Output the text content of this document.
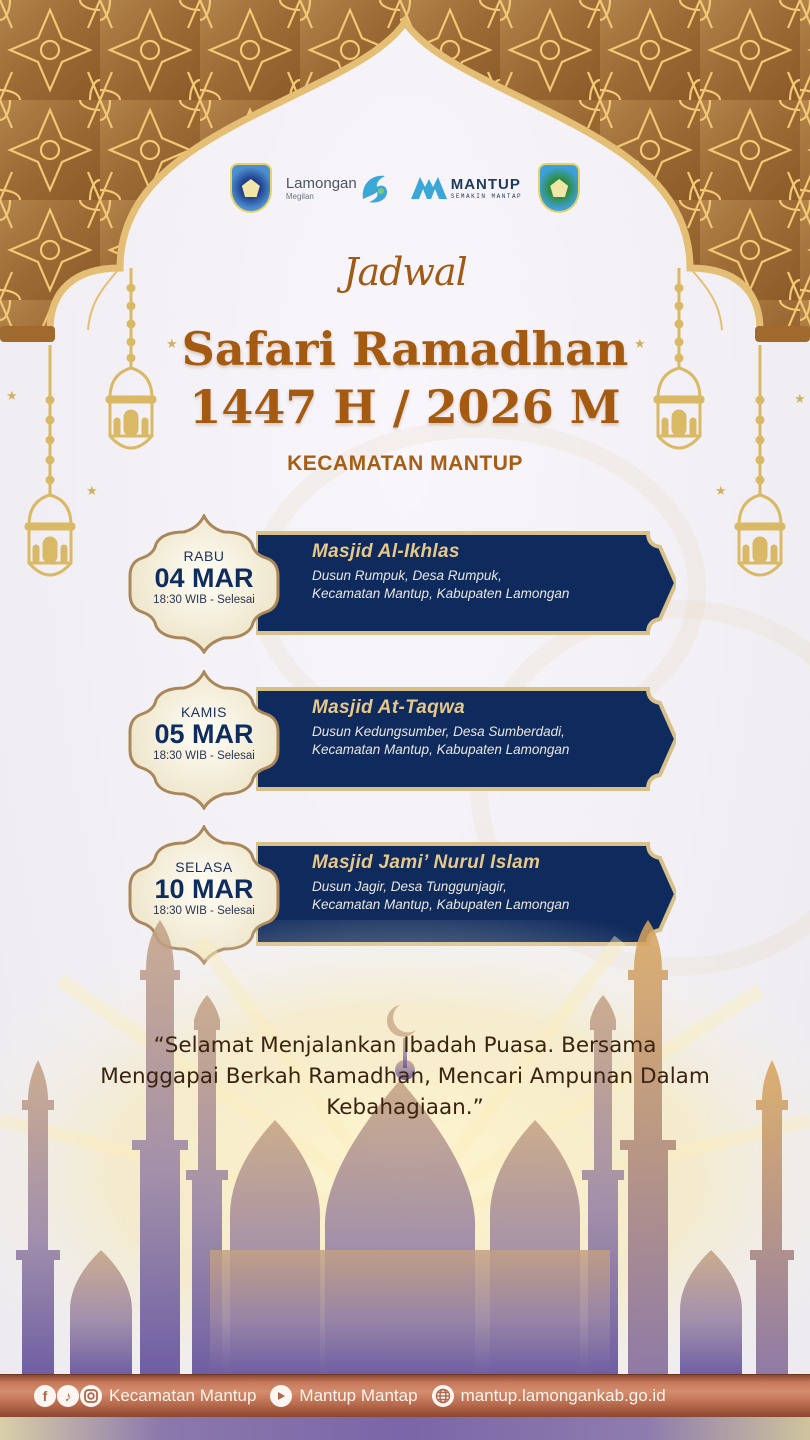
★
★	★
★	★
★
Lamongan
Megilan
MANTUP
SEMAKIN MANTAP
Jadwal
Safari Ramadhan
1447 H / 2026 M
KECAMATAN MANTUP
Masjid Al-Ikhlas
Dusun Rumpuk, Desa Rumpuk,
Kecamatan Mantup, Kabupaten Lamongan
RABU
04 MAR
18:30 WIB - Selesai
Masjid At-Taqwa
Dusun Kedungsumber, Desa Sumberdadi,
Kecamatan Mantup, Kabupaten Lamongan
KAMIS
05 MAR
18:30 WIB - Selesai
Masjid Jami’ Nurul Islam
Dusun Jagir, Desa Tunggunjagir,
Kecamatan Mantup, Kabupaten Lamongan
SELASA
10 MAR
18:30 WIB - Selesai
“Selamat Menjalankan Ibadah Puasa. Bersama Menggapai Berkah Ramadhan, Mencari Ampunan Dalam Kebahagiaan.”
f	♪	Kecamatan Mantup	Mantup Mantap	mantup.lamongankab.go.id
